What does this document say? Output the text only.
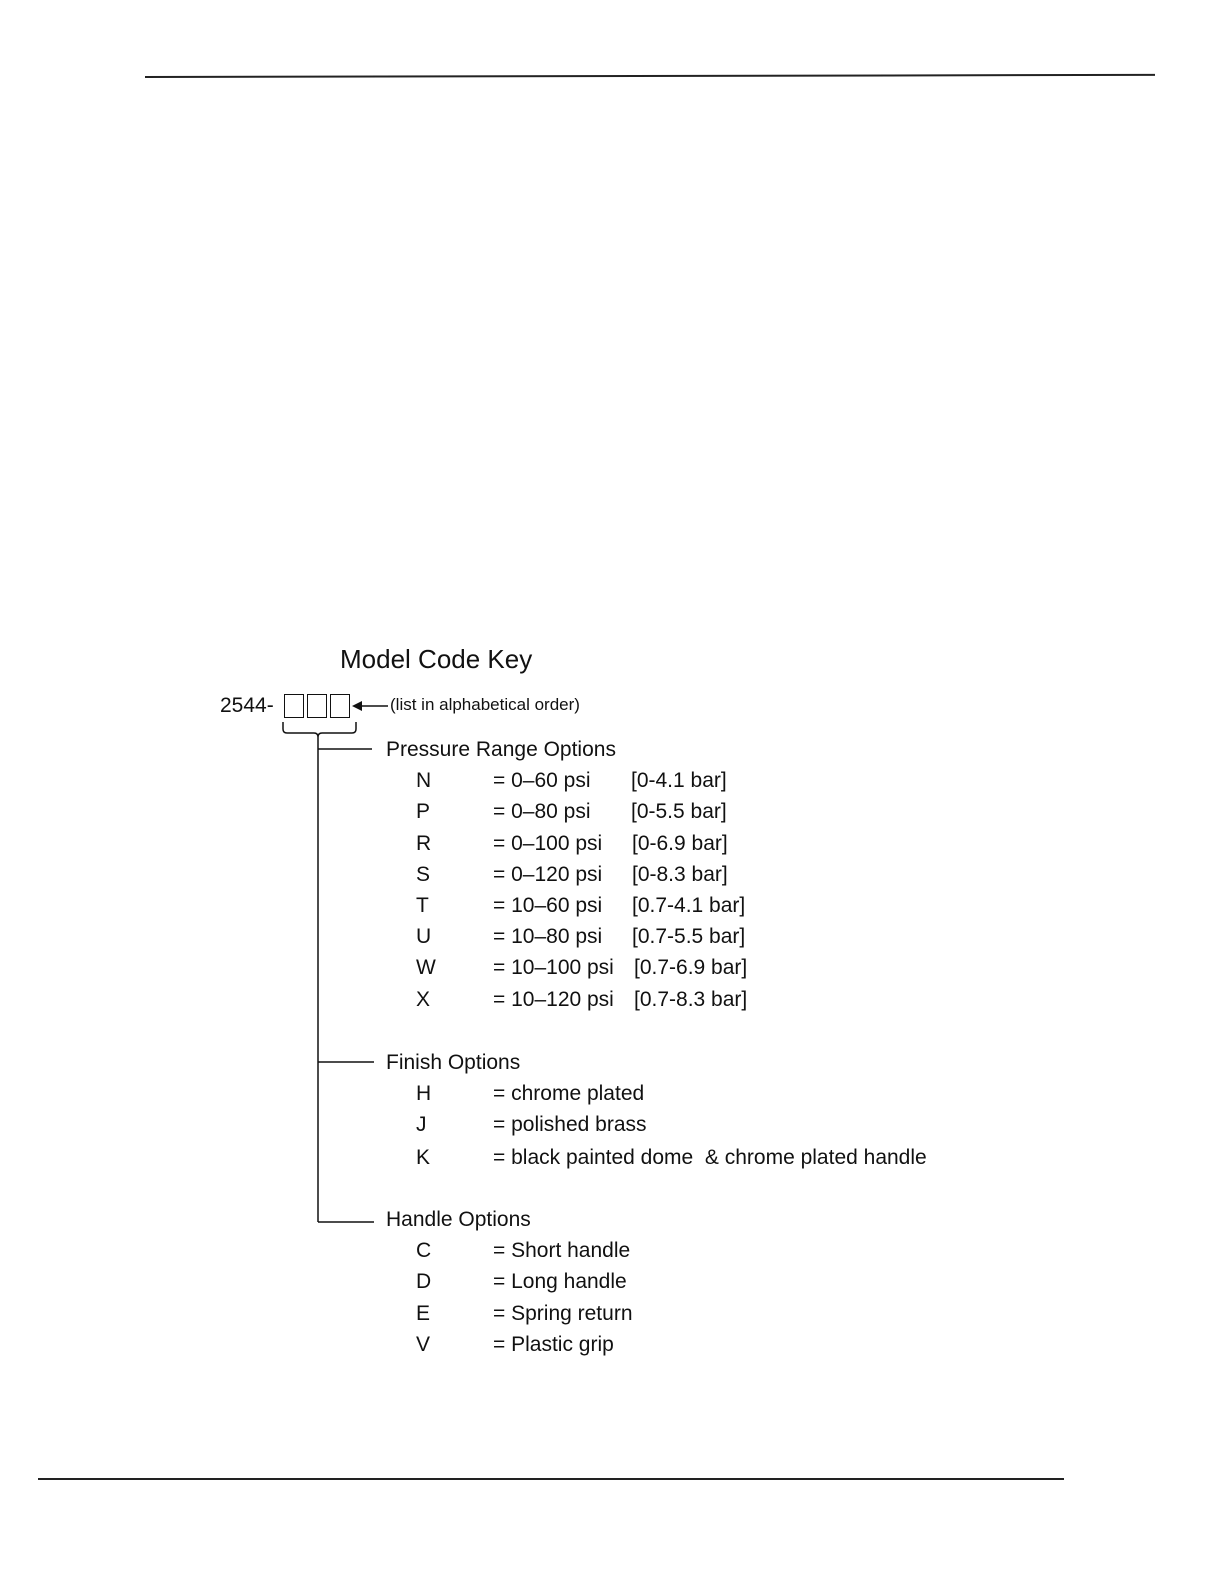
Model Code Key
2544-	(list in alphabetical order)
Pressure Range Options
N	= 0–60 psi [0-4.1 bar]
P	= 0–80 psi [0-5.5 bar]
R	= 0–100 psi [0-6.9 bar]
S	= 0–120 psi [0-8.3 bar]
T	= 10–60 psi [0.7-4.1 bar]
U	= 10–80 psi [0.7-5.5 bar]
W	= 10–100 psi [0.7-6.9 bar]
X	= 10–120 psi [0.7-8.3 bar]
Finish Options
H	= chrome plated
J	= polished brass
K	= black painted dome  & chrome plated handle
Handle Options
C	= Short handle
D	= Long handle
E	= Spring return
V	= Plastic grip
